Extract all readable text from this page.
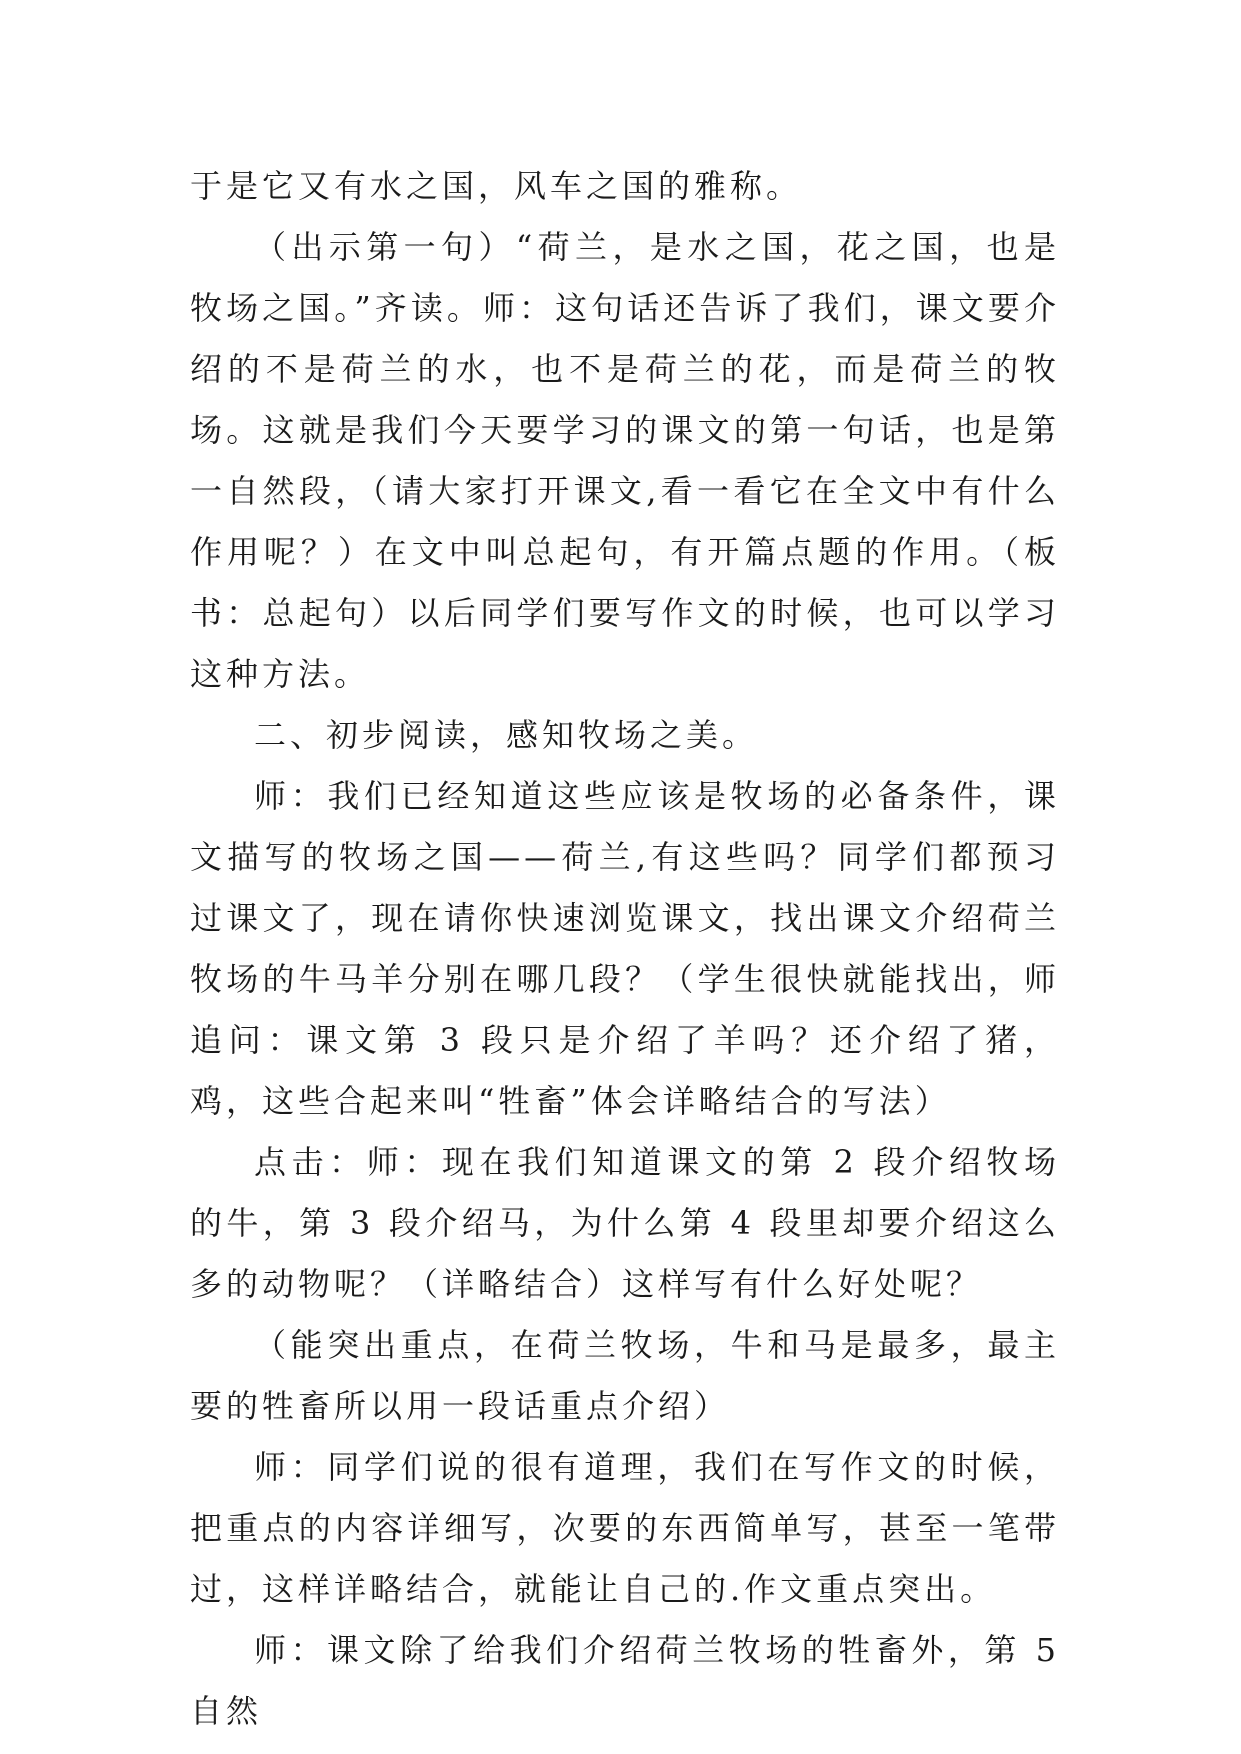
于是它又有水之国，风车之国的雅称。

（出示第一句）“荷兰，是水之国，花之国，也是牧场之国。”齐读。师：这句话还告诉了我们，课文要介绍的不是荷兰的水，也不是荷兰的花，而是荷兰的牧场。这就是我们今天要学习的课文的第一句话，也是第一自然段，（请大家打开课文,看一看它在全文中有什么作用呢？）在文中叫总起句，有开篇点题的作用。（板书：总起句）以后同学们要写作文的时候，也可以学习这种方法。

二、初步阅读，感知牧场之美。

师：我们已经知道这些应该是牧场的必备条件，课文描写的牧场之国——荷兰,有这些吗？同学们都预习过课文了，现在请你快速浏览课文，找出课文介绍荷兰牧场的牛马羊分别在哪几段？（学生很快就能找出，师追问：课文第 3 段只是介绍了羊吗？还介绍了猪，鸡，这些合起来叫“牲畜”体会详略结合的写法）

点击：师：现在我们知道课文的第 2 段介绍牧场的牛，第 3 段介绍马，为什么第 4 段里却要介绍这么多的动物呢？（详略结合）这样写有什么好处呢？

（能突出重点，在荷兰牧场，牛和马是最多，最主要的牲畜所以用一段话重点介绍）

师：同学们说的很有道理，我们在写作文的时候，把重点的内容详细写，次要的东西简单写，甚至一笔带过，这样详略结合，就能让自己的.作文重点突出。

师：课文除了给我们介绍荷兰牧场的牲畜外，第 5 自然
